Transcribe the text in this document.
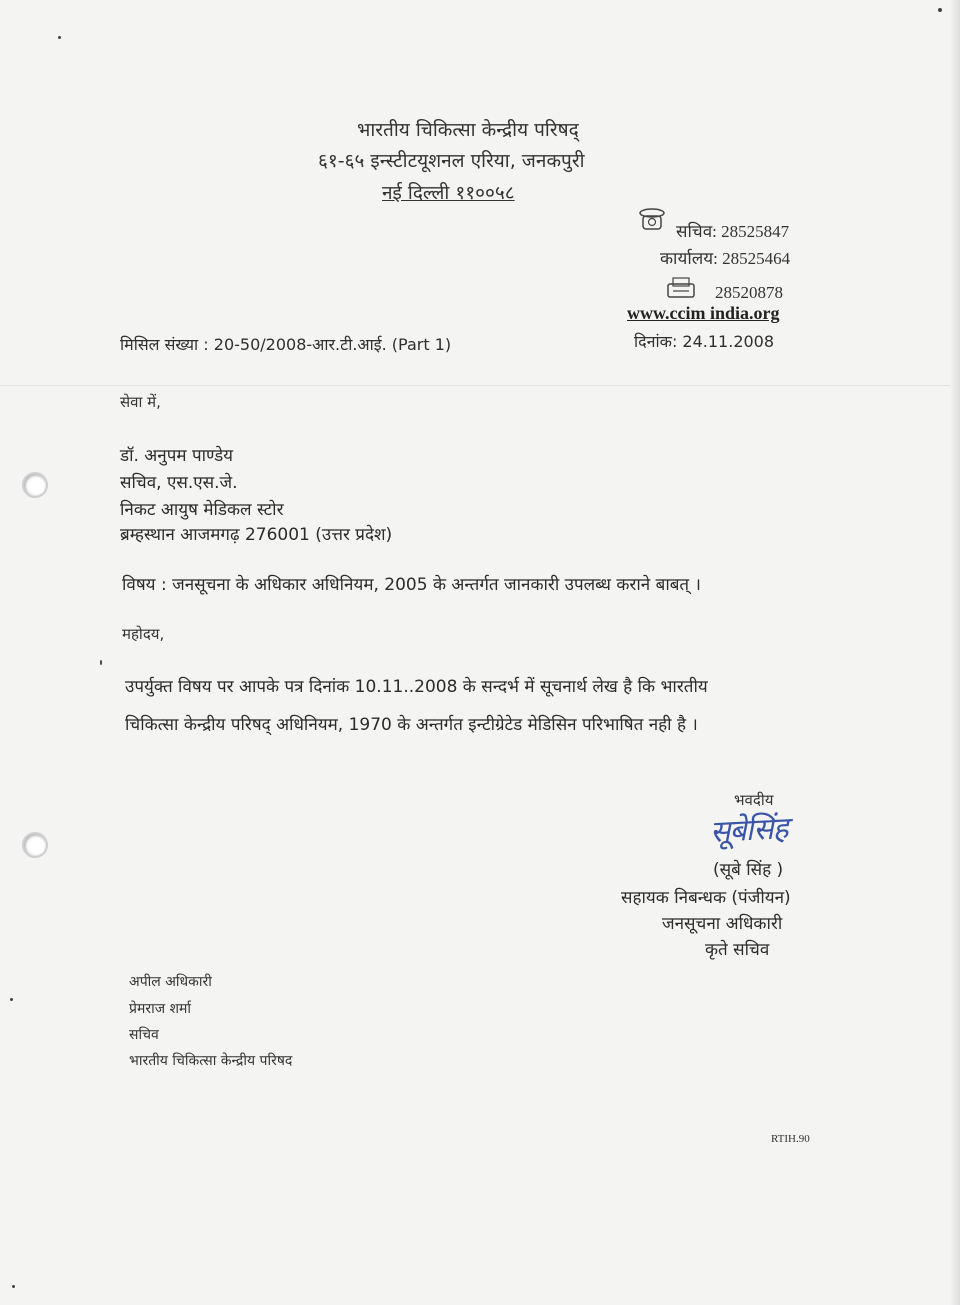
भारतीय चिकित्सा केन्द्रीय परिषद्
६१-६५ इन्स्टीटयूशनल एरिया, जनकपुरी
नई दिल्ली ११००५८
सचिव: 28525847
कार्यालय: 28525464
28520878
www.ccim india.org
मिसिल संख्या : 20-50/2008-आर.टी.आई. (Part 1)	दिनांक: 24.11.2008
सेवा में,
डॉ. अनुपम पाण्डेय
सचिव, एस.एस.जे.
निकट आयुष मेडिकल स्टोर
ब्रम्हस्थान आजमगढ़ 276001 (उत्तर प्रदेश)
विषय : जनसूचना के अधिकार अधिनियम, 2005 के अन्तर्गत जानकारी उपलब्ध कराने बाबत् ।
महोदय,
उपर्युक्त विषय पर आपके पत्र दिनांक 10.11..2008 के सन्दर्भ में सूचनार्थ लेख है कि भारतीय
चिकित्सा केन्द्रीय परिषद् अधिनियम, 1970 के अन्तर्गत इन्टीग्रेटेड मेडिसिन परिभाषित नही है ।
भवदीय
सूबेसिंह
(सूबे सिंह )
सहायक निबन्धक (पंजीयन)
जनसूचना अधिकारी
कृते सचिव
अपील अधिकारी
प्रेमराज शर्मा
सचिव
भारतीय चिकित्सा केन्द्रीय परिषद
RTIH.90
